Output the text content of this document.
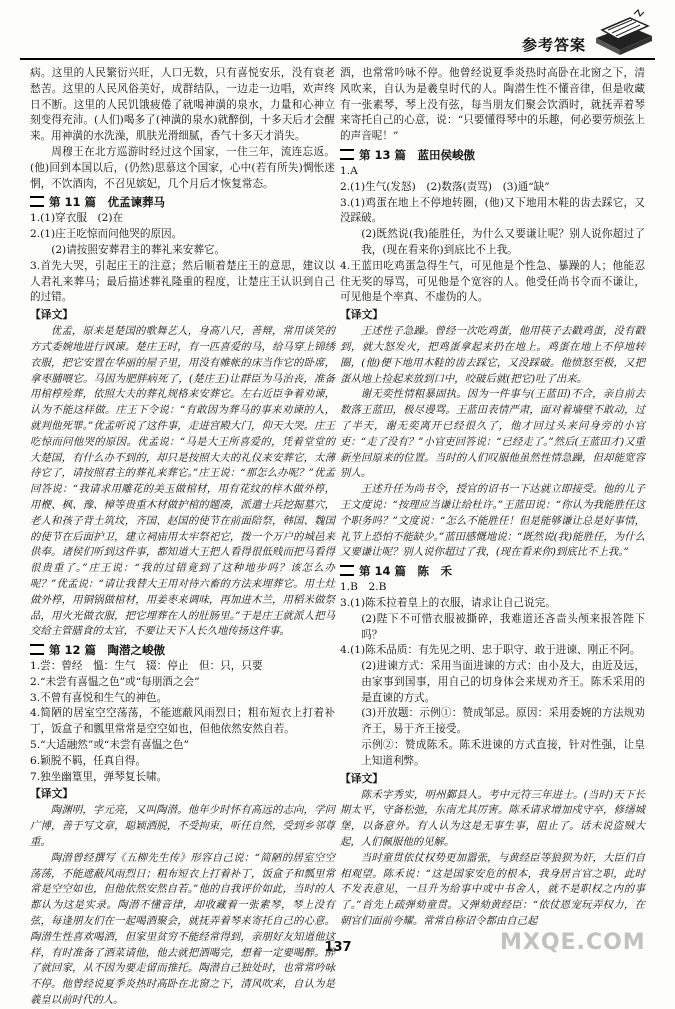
参考答案

病。这里的人民繁衍兴旺，人口无数，只有喜悦安乐，没有衰老愁苦。这里的人民风俗美好，成群结队，一边走一边唱，欢声终日不断。这里的人民饥饿疲倦了就喝神潢的泉水，力量和心神立刻变得充沛。(人们)喝多了(神潢的泉水)就醉倒，十多天后才会醒来。用神潢的水洗澡，肌肤光滑细腻，香气十多天才消失。

周穆王在北方巡游时经过这个国家，一住三年，流连忘返。(他)回到本国以后，(仍然)思慕这个国家，心中(若有所失)惆怅迷惘，不饮酒肉，不召见嫔妃，几个月后才恢复常态。

第 11 篇　优孟谏葬马

1.(1)穿衣服　(2)在

2.(1)庄王吃惊而问他哭的原因。

(2)请按照安葬君主的葬礼来安葬它。

3.首先大哭，引起庄王的注意；然后顺着楚庄王的意思，建议以人君礼来葬马；最后描述葬礼隆重的程度，让楚庄王认识到自己的过错。

【译文】

优孟，原来是楚国的歌舞艺人，身高八尺，善辩，常用谈笑的方式委婉地进行讽谏。楚庄王时，有一匹喜爱的马，给马穿上锦绣衣服，把它安置在华丽的屋子里，用没有帷帐的床当作它的卧席，拿枣脯喂它。马因为肥胖病死了，(楚庄王)让群臣为马治丧，准备用棺椁殓葬，依照大夫的葬礼规格来安葬它。左右近臣争着劝谏，认为不能这样做。庄王下令说：“有敢因为葬马的事来劝谏的人，就判他死罪。”优孟听说了这件事，走进宫殿大门，仰天大哭。庄王吃惊而问他哭的原因。优孟说：“马是大王所喜爱的，凭着堂堂的大楚国，有什么办不到的，却只是按照大夫的礼仪来安葬它，太薄待它了，请按照君主的葬礼来葬它。”庄王说：“那怎么办呢？”优孟回答说：“我请求用雕花的美玉做棺材，用有花纹的梓木做外椁，用楩、枫、豫、樟等贵重木材做护棺的题凑，派遣士兵挖掘墓穴，老人和孩子背土筑坟，齐国、赵国的使节在前面陪祭，韩国、魏国的使节在后面护卫，建立祠庙用太牢祭祀它，拨一个万户的城邑来供奉。诸侯们听到这件事，都知道大王把人看得很低贱而把马看得很贵重了。”庄王说：“我的过错竟到了这种地步吗？该怎么办呢？”优孟说：“请让我替大王用对待六畜的方法来埋葬它。用土灶做外椁，用铜锅做棺材，用姜枣来调味，再加进木兰，用稻米做祭品，用火光做衣服，把它埋葬在人的肚肠里。”于是庄王就派人把马交给主管膳食的太官，不要让天下人长久地传扬这件事。

第 12 篇　陶潜之峻傲

1.尝：曾经　慍：生气　辍：停止　但：只，只要

2.“未尝有喜愠之色”或“每朋酒之会”

3.不曾有喜悦和生气的神色。

4.简陋的居室空空荡荡，不能遮蔽风雨烈日；粗布短衣上打着补丁，饭盒子和瓢里常常是空空如也，但他依然安然自若。

5.“大适融然”或“未尝有喜愠之色”

6.颖脱不羁，任真自得。

7.独坐幽篁里，弹琴复长啸。

【译文】

陶渊明，字元亮，又叫陶潜。他年少时怀有高远的志向，学问广博，善于写文章，聪颖洒脱，不受拘束，听任自然，受到乡邻尊重。

陶潜曾经撰写《五柳先生传》形容自己说：“简陋的居室空空荡荡，不能遮蔽风雨烈日；粗布短衣上打着补丁，饭盒子和瓢里常常是空空如也，但他依然安然自若。”他的自我评价如此，当时的人都认为这是实录。陶潜不懂音律，却收藏着一张素琴，琴上没有弦，每逢朋友们在一起喝酒聚会，就抚弄着琴来寄托自己的心意。陶潜生性喜欢喝酒，但家里贫穷不能经常得到，亲朋好友知道他这样，有时准备了酒菜请他，他去就把酒喝完，想着一定要喝醉。醉了就回家，从不因为要走留而推托。陶潜自己独处时，也常常吟咏不停。他曾经说夏季炎热时高卧在北窗之下，清风吹来，自认为是羲皇以前时代的人。

酒，也常常吟咏不停。他曾经说夏季炎热时高卧在北窗之下，清风吹来，自认为是羲皇时代的人。陶潜生性不懂音律，但是收藏有一张素琴，琴上没有弦，每当朋友们聚会饮酒时，就抚弄着琴来寄托自己的心意，说：“只要懂得琴中的乐趣，何必要劳烦弦上的声音呢！”

第 13 篇　蓝田侯峻傲

1.A

2.(1)生气(发怒)　(2)数落(责骂)　(3)通“缺”

3.(1)鸡蛋在地上不停地转圈，(他)又下地用木鞋的齿去踩它，又没踩破。

(2)既然说(我)能胜任，为什么又要谦让呢？别人说你超过了我，(现在看来你)到底比不上我。

4.王蓝田吃鸡蛋急得生气，可见他是个性急、暴躁的人；他能忍住无奖的辱骂，可见他是个宽容的人。他受任尚书令而不谦让，可见他是个率真、不虚伪的人。

【译文】

王述性子急躁。曾经一次吃鸡蛋，他用筷子去戳鸡蛋，没有戳到，就大怒发火，把鸡蛋拿起来扔在地上。鸡蛋在地上不停地转圈，(他)便下地用木鞋的齿去踩它，又没踩破。他愤怒至极，又把蛋从地上捡起来放到口中，咬破后就(把它)吐了出来。

谢无奕性情粗暴固执。因为一件事与(王蓝田)不合，亲自前去数落王蓝田，极尽谩骂。王蓝田表情严肃，面对着墙壁不敢动，过了半天，谢无奕离开已经很久了，他才回过头来问身旁的小官吏：“走了没有？”小官吏回答说：“已经走了。”然后(王蓝田才)又重新坐回原来的位置。当时的人们叹服他虽然性情急躁，但却能宽容别人。

王述升任为尚书令，授官的诏书一下达就立即接受。他的儿子王文度说：“按理应当谦让给杜许。”王蓝田说：“你认为我能胜任这个职务吗？”文度说：“怎么不能胜任！但是能够谦让总是好事情，礼节上恐怕不能缺少。”蓝田感慨地说：“既然说(我)能胜任，为什么又要谦让呢？别人说你超过了我，(现在看来你)到底比不上我。”

第 14 篇　陈　禾

1.B　2.B

3.(1)陈禾拉着皇上的衣服，请求让自己说完。

(2)陛下不可惜衣服被撕碎，我难道还吝啬头颅来报答陛下吗？

4.(1)陈禾品质：有先见之明、忠于职守、敢于进谏、刚正不阿。

(2)进谏方式：采用当面进谏的方式：由小及大，由近及远，由家事到国事，用自己的切身体会来规劝齐王。陈禾采用的是直谏的方式。

(3)开放题：示例①：赞成邹忌。原因：采用委婉的方法规劝齐王，易于齐王接受。

示例②：赞成陈禾。陈禾进谏的方式直接，针对性强，让皇上知道利弊。

【译文】

陈禾字秀实，明州鄞县人。考中元符三年进士。(当时)天下长期太平，守备松弛，东南尤其厉害。陈禾请求增加戍守卒，修缮城堡，以备意外。有人认为这是无事生事，阻止了。话未说盗贼大起，人们佩服他的见解。

当时童贯依仗权势更加嚣张，与黄经臣等狼狈为奸，大臣们自相观望。陈禾说：“这是国家安危的根本，我身居言官之职，此时不发表意见，一旦升为给事中或中书舍人，就不是职权之内的事了。”首先上疏弹劾童贯。又弹劾黄经臣：“依仗恩宠玩弄权力，在朝官们面前夸耀。常常自称诏令都由自己起

137	MXQE.COM
